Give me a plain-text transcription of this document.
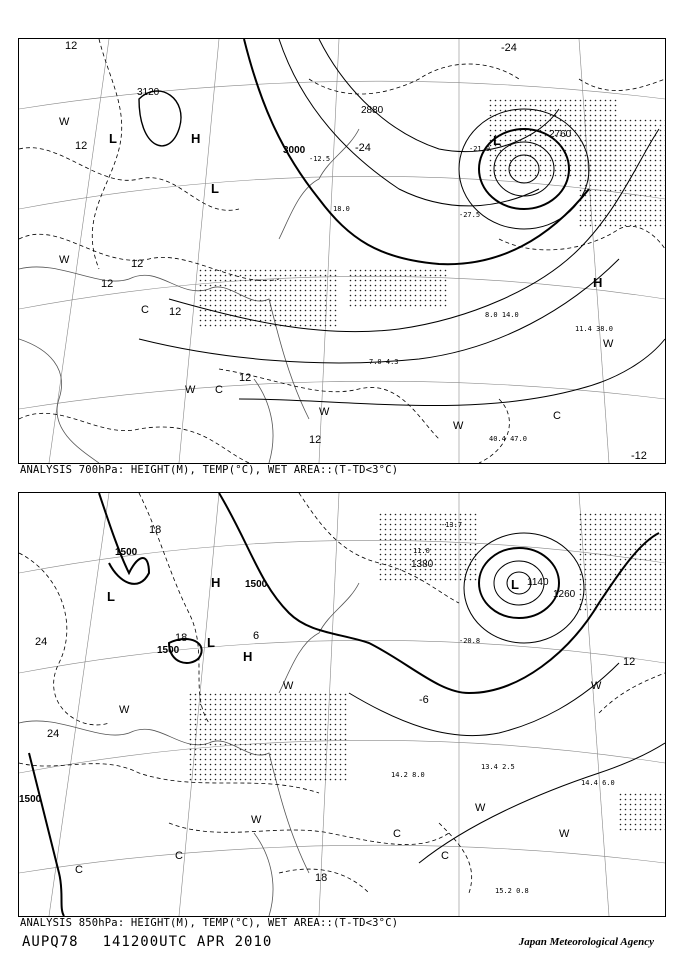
8.0 14.0
11.4 38.0
7.0 4.3
40.4 47.0
-21.9
-27.5
18.0
-12.5
3120
3000
2880
2760
12
12
12
12
12
12
12
-24
-24
-12
L	H
L
L
H
W
W
C
W C
W
W
C
W
ANALYSIS 700hPa: HEIGHT(M), TEMP(°C), WET AREA::(T-TD<3°C)
13.4 2.5
14.4 6.0
15.2 0.8
14.2 8.0
-13.7
-20.8
11.0
1500
1500
1500
1500
1380
1140
1260
18
18
24
24
18
12
6
-6
L
H
L
H
L
W
W
W
C
C
W
W
C
C
W
ANALYSIS 850hPa: HEIGHT(M), TEMP(°C), WET AREA::(T-TD<3°C)
AUPQ78 141200UTC APR 2010	Japan Meteorological Agency
